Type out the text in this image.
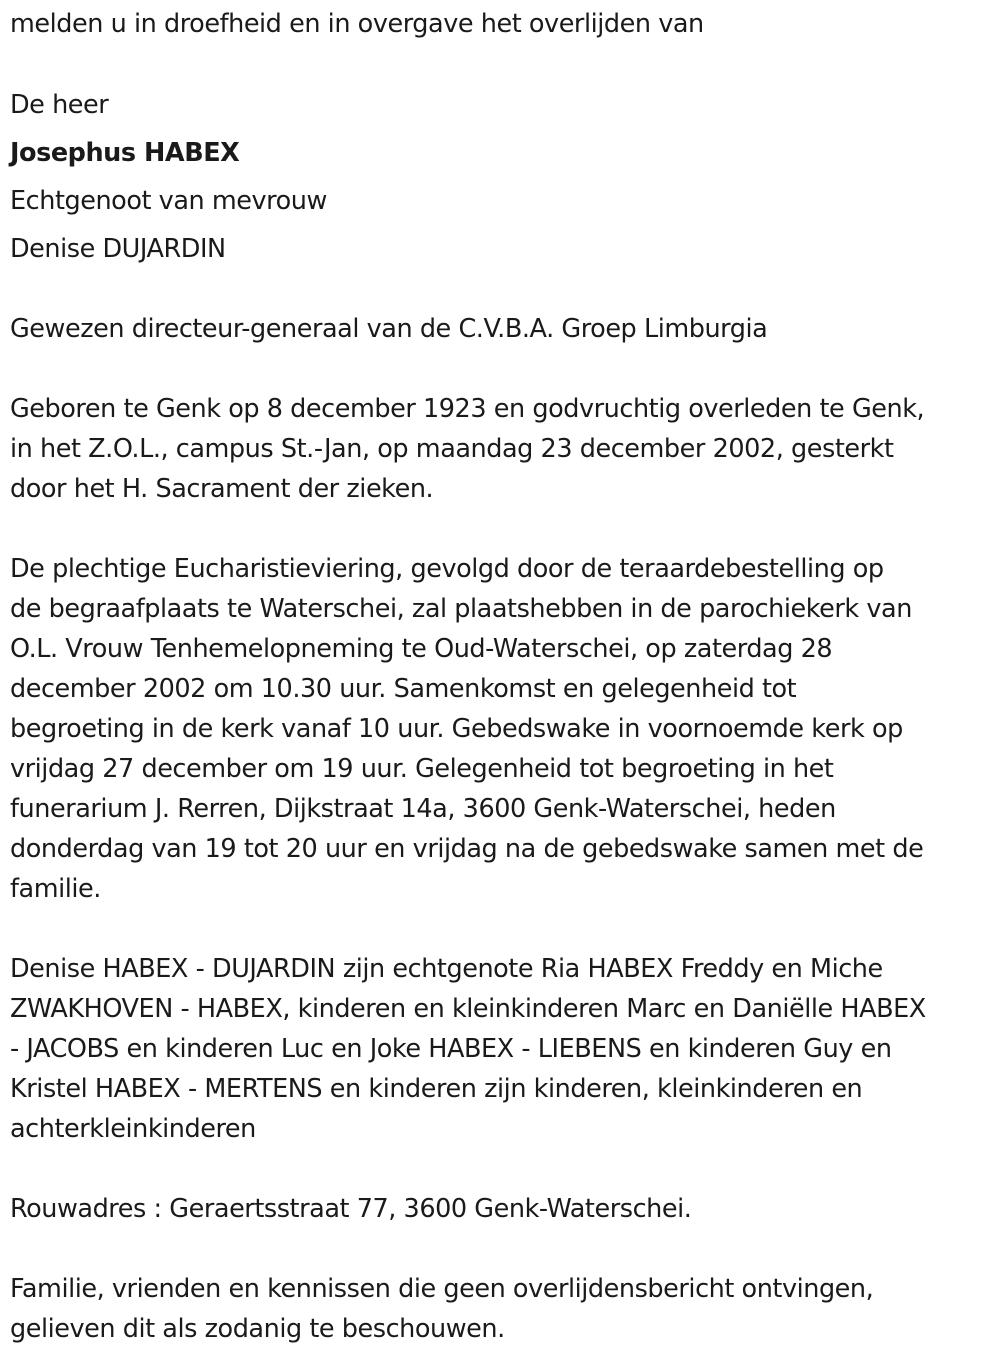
melden u in droefheid en in overgave het overlijden van
De heer
Josephus HABEX
Echtgenoot van mevrouw
Denise DUJARDIN
Gewezen directeur-generaal van de C.V.B.A. Groep Limburgia
Geboren te Genk op 8 december 1923 en godvruchtig overleden te Genk,
in het Z.O.L., campus St.-Jan, op maandag 23 december 2002, gesterkt
door het H. Sacrament der zieken.
De plechtige Eucharistieviering, gevolgd door de teraardebestelling op
de begraafplaats te Waterschei, zal plaatshebben in de parochiekerk van
O.L. Vrouw Tenhemelopneming te Oud-Waterschei, op zaterdag 28
december 2002 om 10.30 uur. Samenkomst en gelegenheid tot
begroeting in de kerk vanaf 10 uur. Gebedswake in voornoemde kerk op
vrijdag 27 december om 19 uur. Gelegenheid tot begroeting in het
funerarium J. Rerren, Dijkstraat 14a, 3600 Genk-Waterschei, heden
donderdag van 19 tot 20 uur en vrijdag na de gebedswake samen met de
familie.
Denise HABEX - DUJARDIN zijn echtgenote Ria HABEX Freddy en Miche
ZWAKHOVEN - HABEX, kinderen en kleinkinderen Marc en Daniëlle HABEX
- JACOBS en kinderen Luc en Joke HABEX - LIEBENS en kinderen Guy en
Kristel HABEX - MERTENS en kinderen zijn kinderen, kleinkinderen en
achterkleinkinderen
Rouwadres : Geraertsstraat 77, 3600 Genk-Waterschei.
Familie, vrienden en kennissen die geen overlijdensbericht ontvingen,
gelieven dit als zodanig te beschouwen.
